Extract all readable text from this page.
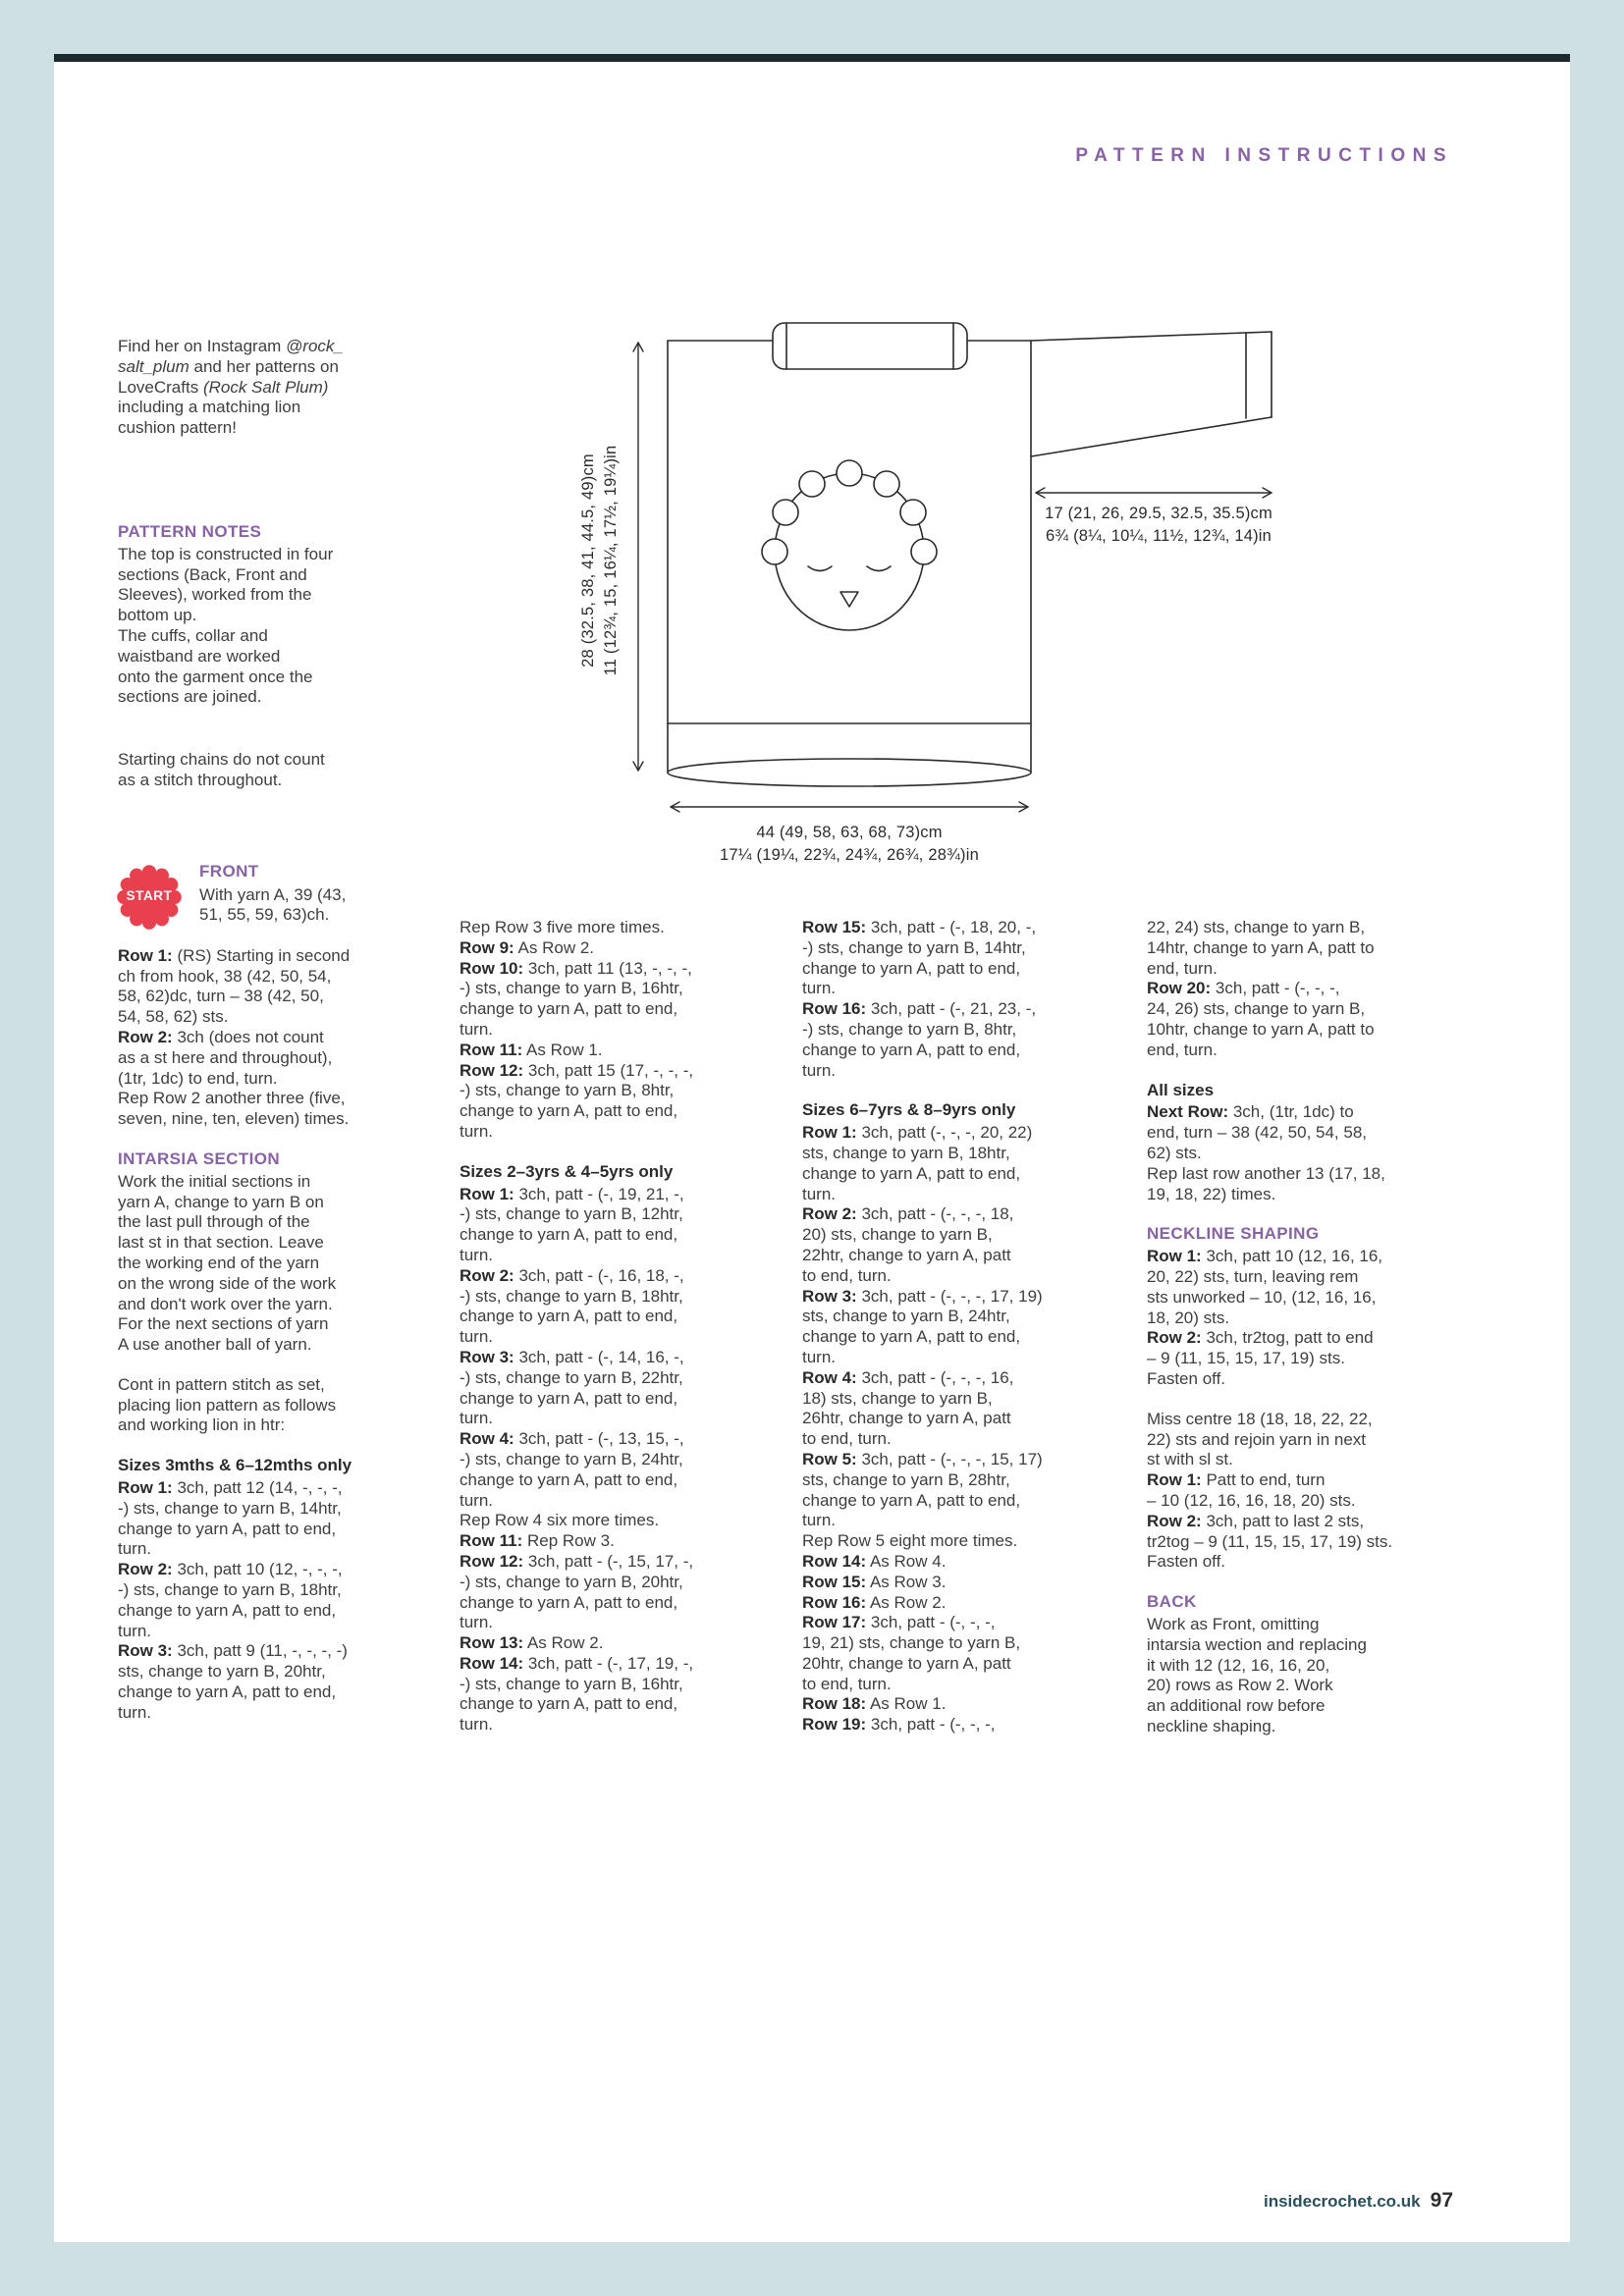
PATTERN INSTRUCTIONS
28 (32.5, 38, 41, 44.5, 49)cm 11 (12¾, 15, 16¼, 17½, 19¼)in	17 (21, 26, 29.5, 32.5, 35.5)cm
6¾ (8¼, 10¼, 11½, 12¾, 14)in
44 (49, 58, 63, 68, 73)cm
17¼ (19¼, 22¾, 24¾, 26¾, 28¾)in
Find her on Instagram @rock_
salt_plum and her patterns on
LoveCrafts (Rock Salt Plum)
including a matching lion
cushion pattern!
PATTERN NOTES
The top is constructed in four
sections (Back, Front and
Sleeves), worked from the
bottom up.
The cuffs, collar and
waistband are worked
onto the garment once the
sections are joined.
Starting chains do not count
as a stitch throughout.
START
FRONT
With yarn A, 39 (43,
51, 55, 59, 63)ch.
Row 1: (RS) Starting in second
ch from hook, 38 (42, 50, 54,
58, 62)dc, turn – 38 (42, 50,
54, 58, 62) sts.
Row 2: 3ch (does not count
as a st here and throughout),
(1tr, 1dc) to end, turn.
Rep Row 2 another three (five,
seven, nine, ten, eleven) times.
INTARSIA SECTION
Work the initial sections in
yarn A, change to yarn B on
the last pull through of the
last st in that section. Leave
the working end of the yarn
on the wrong side of the work
and don't work over the yarn.
For the next sections of yarn
A use another ball of yarn.
Cont in pattern stitch as set,
placing lion pattern as follows
and working lion in htr:
Sizes 3mths & 6–12mths only
Row 1: 3ch, patt 12 (14, -, -, -,
-) sts, change to yarn B, 14htr,
change to yarn A, patt to end,
turn.
Row 2: 3ch, patt 10 (12, -, -, -,
-) sts, change to yarn B, 18htr,
change to yarn A, patt to end,
turn.
Row 3: 3ch, patt 9 (11, -, -, -, -)
sts, change to yarn B, 20htr,
change to yarn A, patt to end,
turn.
Rep Row 3 five more times.
Row 9: As Row 2.
Row 10: 3ch, patt 11 (13, -, -, -,
-) sts, change to yarn B, 16htr,
change to yarn A, patt to end,
turn.
Row 11: As Row 1.
Row 12: 3ch, patt 15 (17, -, -, -,
-) sts, change to yarn B, 8htr,
change to yarn A, patt to end,
turn.
Sizes 2–3yrs & 4–5yrs only
Row 1: 3ch, patt - (-, 19, 21, -,
-) sts, change to yarn B, 12htr,
change to yarn A, patt to end,
turn.
Row 2: 3ch, patt - (-, 16, 18, -,
-) sts, change to yarn B, 18htr,
change to yarn A, patt to end,
turn.
Row 3: 3ch, patt - (-, 14, 16, -,
-) sts, change to yarn B, 22htr,
change to yarn A, patt to end,
turn.
Row 4: 3ch, patt - (-, 13, 15, -,
-) sts, change to yarn B, 24htr,
change to yarn A, patt to end,
turn.
Rep Row 4 six more times.
Row 11: Rep Row 3.
Row 12: 3ch, patt - (-, 15, 17, -,
-) sts, change to yarn B, 20htr,
change to yarn A, patt to end,
turn.
Row 13: As Row 2.
Row 14: 3ch, patt - (-, 17, 19, -,
-) sts, change to yarn B, 16htr,
change to yarn A, patt to end,
turn.
Row 15: 3ch, patt - (-, 18, 20, -,
-) sts, change to yarn B, 14htr,
change to yarn A, patt to end,
turn.
Row 16: 3ch, patt - (-, 21, 23, -,
-) sts, change to yarn B, 8htr,
change to yarn A, patt to end,
turn.
Sizes 6–7yrs & 8–9yrs only
Row 1: 3ch, patt (-, -, -, 20, 22)
sts, change to yarn B, 18htr,
change to yarn A, patt to end,
turn.
Row 2: 3ch, patt - (-, -, -, 18,
20) sts, change to yarn B,
22htr, change to yarn A, patt
to end, turn.
Row 3: 3ch, patt - (-, -, -, 17, 19)
sts, change to yarn B, 24htr,
change to yarn A, patt to end,
turn.
Row 4: 3ch, patt - (-, -, -, 16,
18) sts, change to yarn B,
26htr, change to yarn A, patt
to end, turn.
Row 5: 3ch, patt - (-, -, -, 15, 17)
sts, change to yarn B, 28htr,
change to yarn A, patt to end,
turn.
Rep Row 5 eight more times.
Row 14: As Row 4.
Row 15: As Row 3.
Row 16: As Row 2.
Row 17: 3ch, patt - (-, -, -,
19, 21) sts, change to yarn B,
20htr, change to yarn A, patt
to end, turn.
Row 18: As Row 1.
Row 19: 3ch, patt - (-, -, -,
22, 24) sts, change to yarn B,
14htr, change to yarn A, patt to
end, turn.
Row 20: 3ch, patt - (-, -, -,
24, 26) sts, change to yarn B,
10htr, change to yarn A, patt to
end, turn.
All sizes
Next Row: 3ch, (1tr, 1dc) to
end, turn – 38 (42, 50, 54, 58,
62) sts.
Rep last row another 13 (17, 18,
19, 18, 22) times.
NECKLINE SHAPING
Row 1: 3ch, patt 10 (12, 16, 16,
20, 22) sts, turn, leaving rem
sts unworked – 10, (12, 16, 16,
18, 20) sts.
Row 2: 3ch, tr2tog, patt to end
– 9 (11, 15, 15, 17, 19) sts.
Fasten off.
Miss centre 18 (18, 18, 22, 22,
22) sts and rejoin yarn in next
st with sl st.
Row 1: Patt to end, turn
– 10 (12, 16, 16, 18, 20) sts.
Row 2: 3ch, patt to last 2 sts,
tr2tog – 9 (11, 15, 15, 17, 19) sts.
Fasten off.
BACK
Work as Front, omitting
intarsia wection and replacing
it with 12 (12, 16, 16, 20,
20) rows as Row 2. Work
an additional row before
neckline shaping.
insidecrochet.co.uk 97
